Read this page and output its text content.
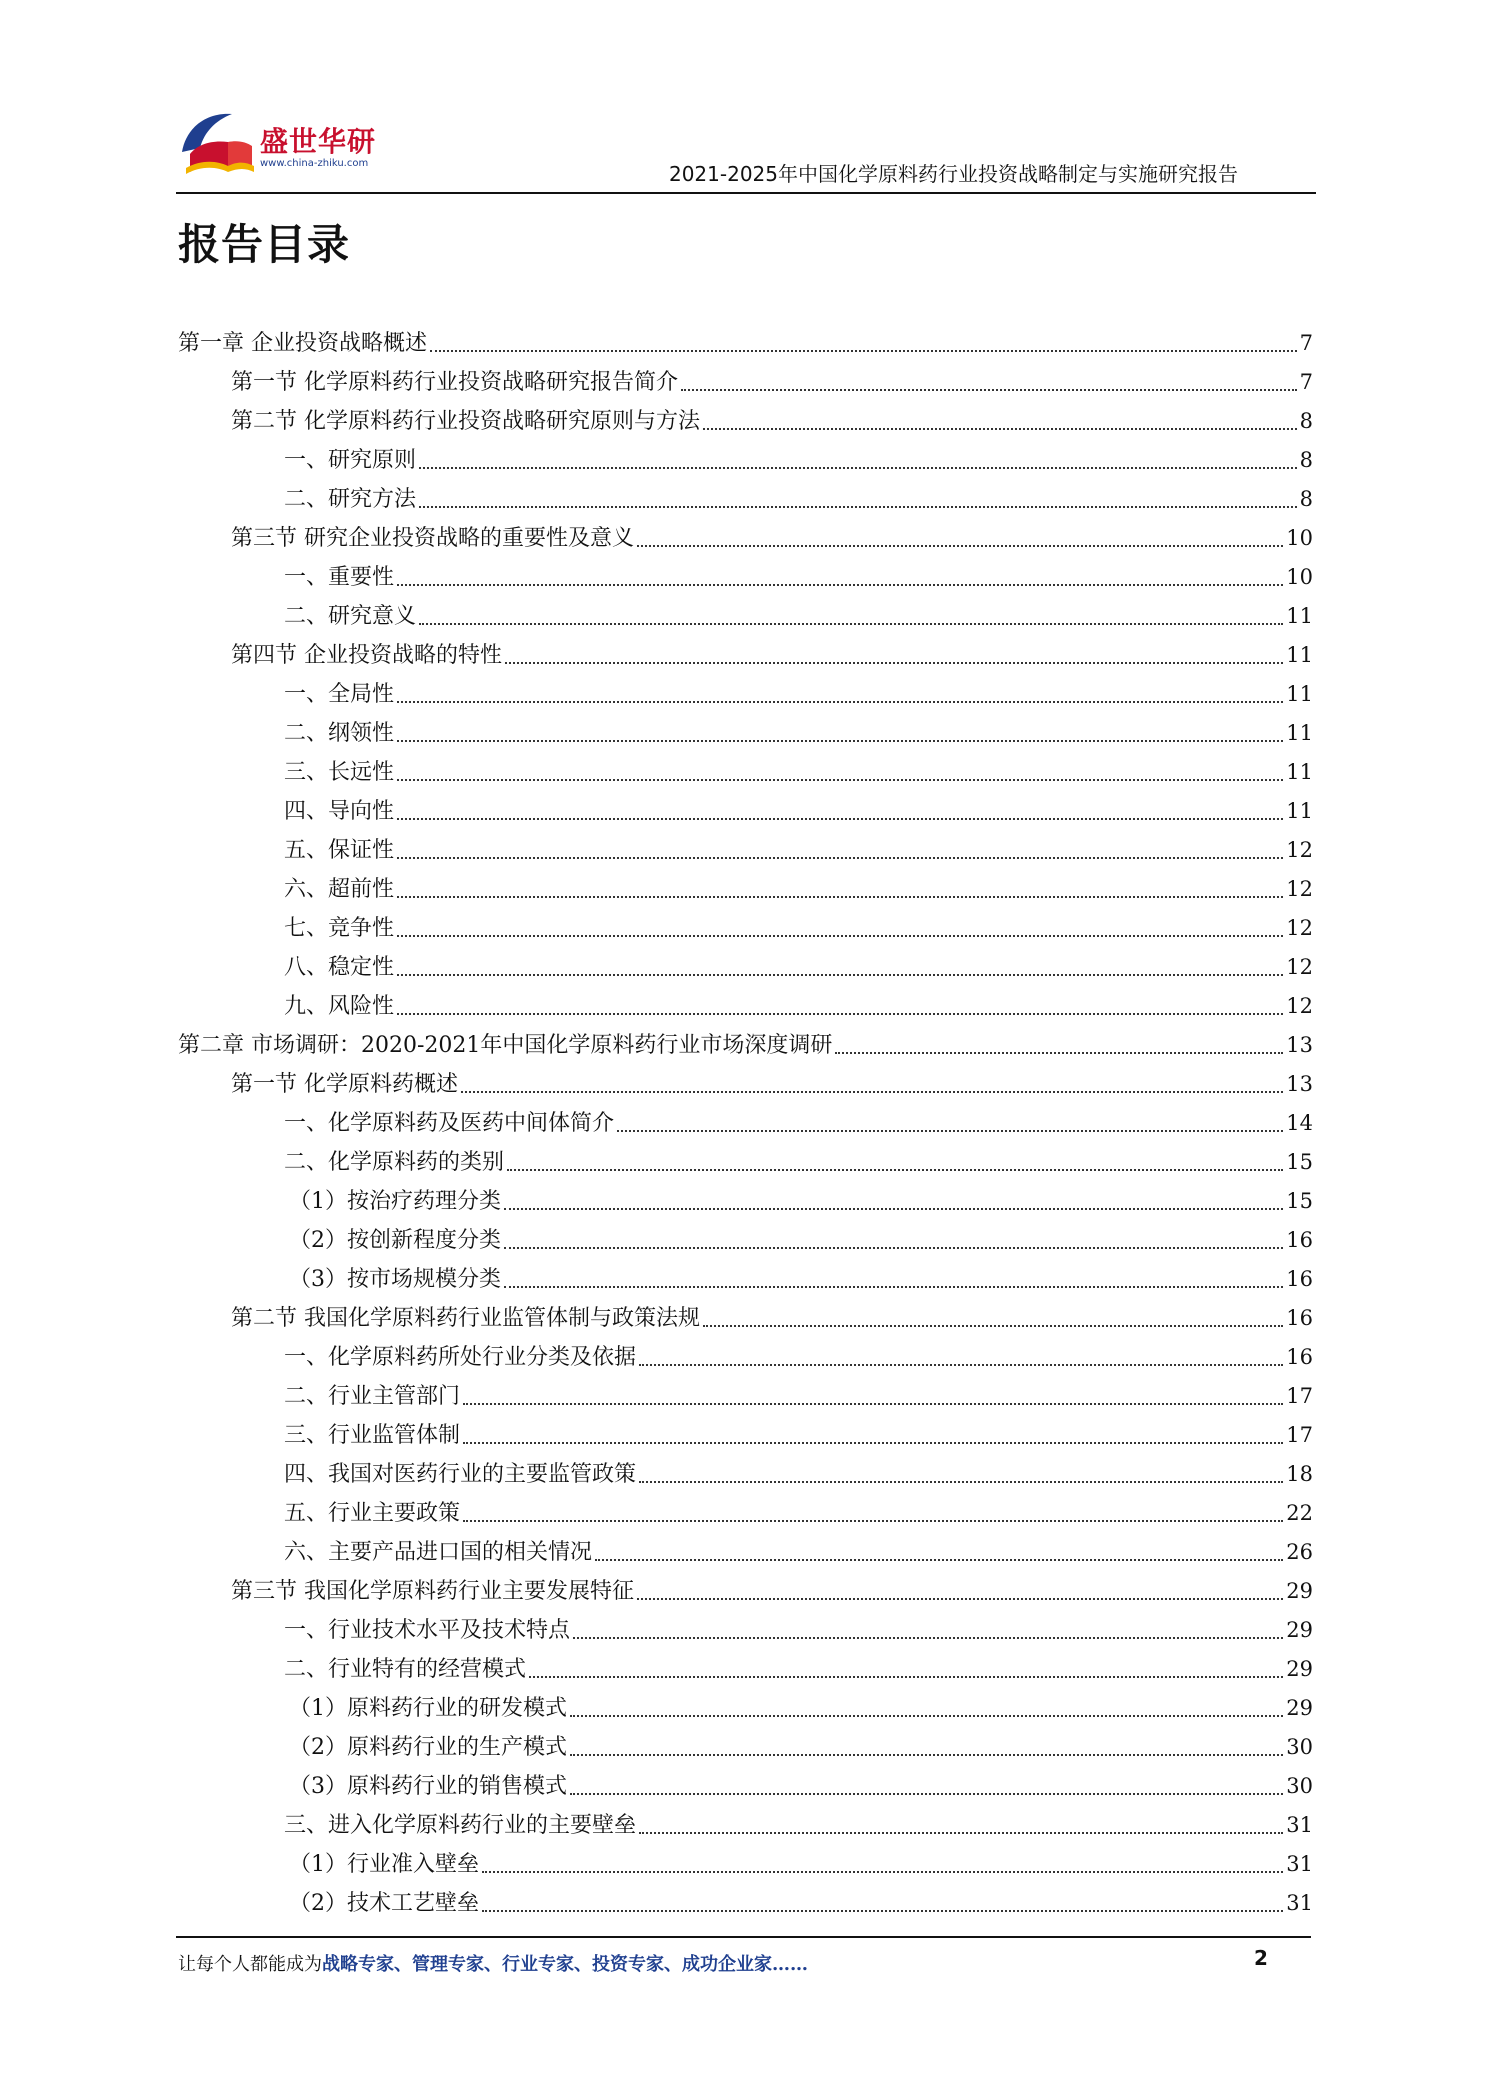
盛世华研
www.china-zhiku.com	2021-2025年中国化学原料药行业投资战略制定与实施研究报告
报告目录
第一章 企业投资战略概述	7
第一节 化学原料药行业投资战略研究报告简介	7
第二节 化学原料药行业投资战略研究原则与方法	8
一、研究原则	8
二、研究方法	8
第三节 研究企业投资战略的重要性及意义	10
一、重要性	10
二、研究意义	11
第四节 企业投资战略的特性	11
一、全局性	11
二、纲领性	11
三、长远性	11
四、导向性	11
五、保证性	12
六、超前性	12
七、竞争性	12
八、稳定性	12
九、风险性	12
第二章 市场调研：2020-2021年中国化学原料药行业市场深度调研	13
第一节 化学原料药概述	13
一、化学原料药及医药中间体简介	14
二、化学原料药的类别	15
（1）按治疗药理分类	15
（2）按创新程度分类	16
（3）按市场规模分类	16
第二节 我国化学原料药行业监管体制与政策法规	16
一、化学原料药所处行业分类及依据	16
二、行业主管部门	17
三、行业监管体制	17
四、我国对医药行业的主要监管政策	18
五、行业主要政策	22
六、主要产品进口国的相关情况	26
第三节 我国化学原料药行业主要发展特征	29
一、行业技术水平及技术特点	29
二、行业特有的经营模式	29
（1）原料药行业的研发模式	29
（2）原料药行业的生产模式	30
（3）原料药行业的销售模式	30
三、进入化学原料药行业的主要壁垒	31
（1）行业准入壁垒	31
（2）技术工艺壁垒	31
让每个人都能成为战略专家、管理专家、行业专家、投资专家、成功企业家……	2
